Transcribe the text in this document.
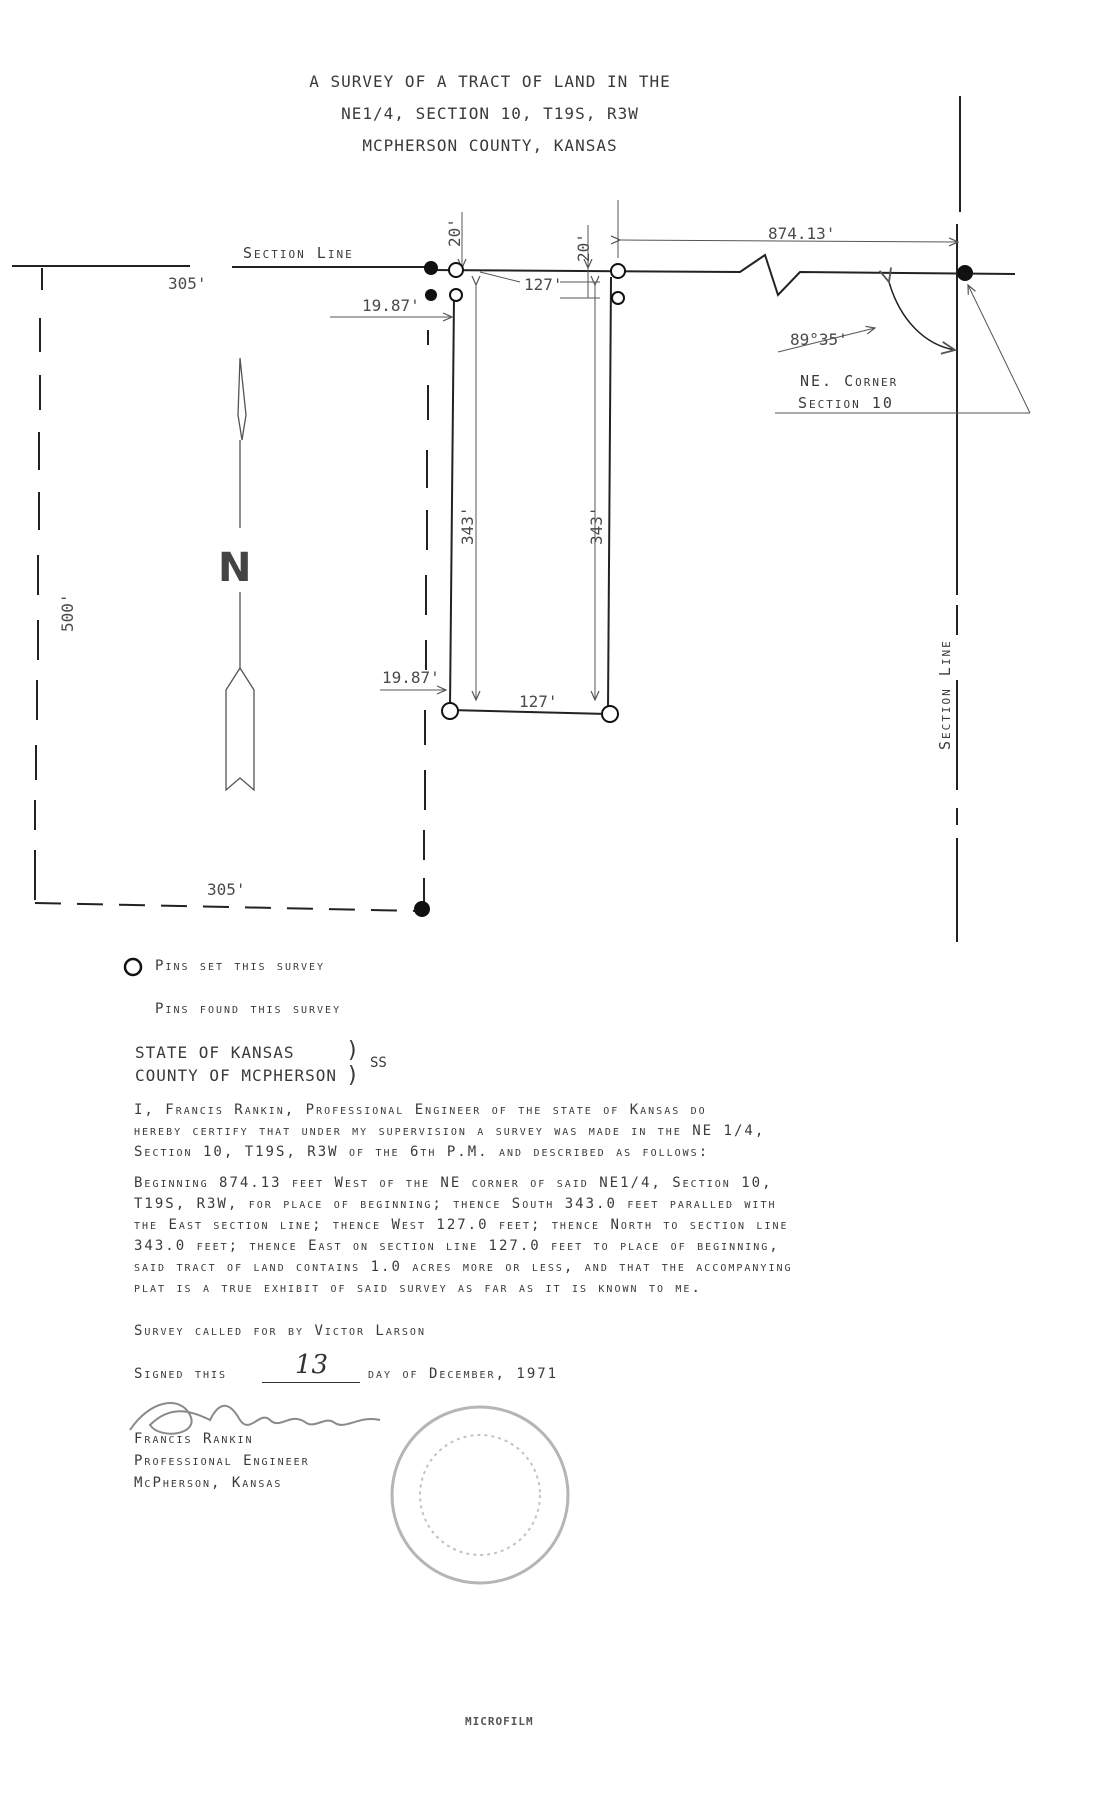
A SURVEY OF A TRACT OF LAND IN THE
NE1/4, SECTION 10, T19S, R3W
MCPHERSON COUNTY, KANSAS
Section Line
Section Line
N
NE. Corner
Section 10
305'
305'
500'
20'
20'
19.87'
19.87'
127'
127'
343'	343'
874.13'
89°35'
Pins set this survey
Pins found this survey
STATE OF KANSAS
COUNTY OF MCPHERSON
)
) SS
I, Francis Rankin, Professional Engineer of the state of Kansas do
hereby certify that under my supervision a survey was made in the NE 1/4,
Section 10, T19S, R3W of the 6th P.M. and described as follows:
Beginning 874.13 feet West of the NE corner of said NE1/4, Section 10,
T19S, R3W, for place of beginning; thence South 343.0 feet paralled with
the East section line; thence West 127.0 feet; thence North to section line
343.0 feet; thence East on section line 127.0 feet to place of beginning,
said tract of land contains 1.0 acres more or less, and that the accompanying
plat is a true exhibit of said survey as far as it is known to me.
Survey called for by Victor Larson
Signed this	13	day of December, 1971
Francis Rankin
Professional Engineer
McPherson, Kansas
MICROFILM
